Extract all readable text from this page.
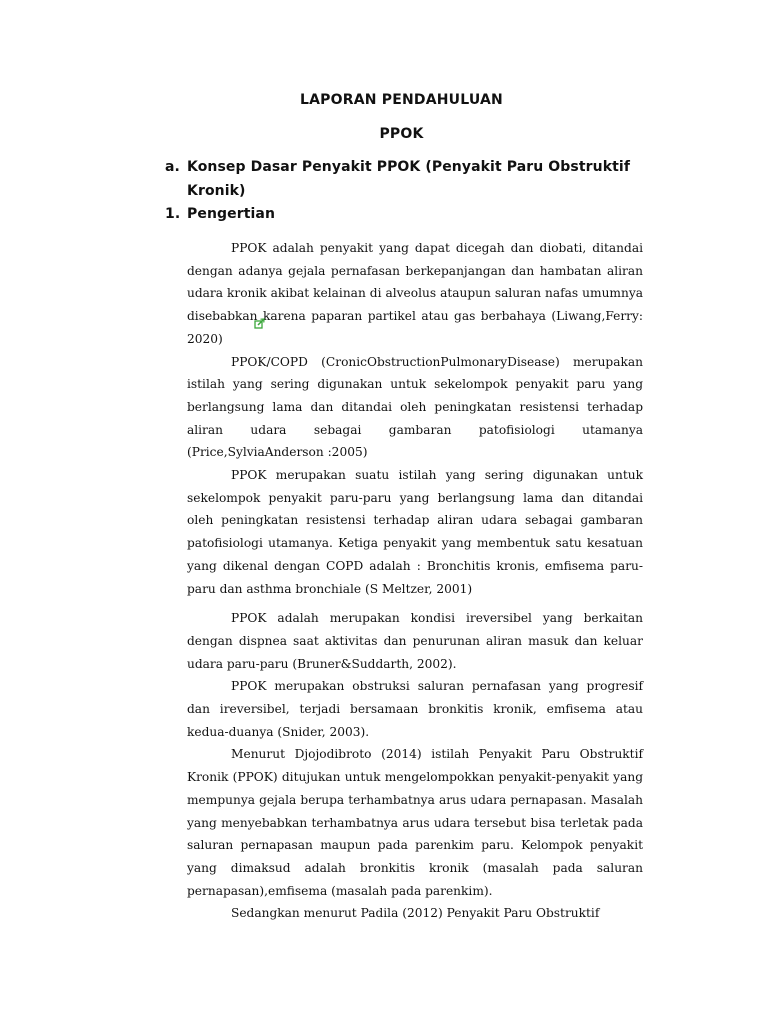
LAPORAN PENDAHULUAN
PPOK
a. Konsep Dasar Penyakit PPOK (Penyakit Paru Obstruktif
Kronik)
1. Pengertian

PPOK adalah penyakit yang dapat dicegah dan diobati, ditandai dengan adanya gejala pernafasan berkepanjangan dan hambatan aliran udara kronik akibat kelainan di alveolus ataupun saluran nafas umumnya disebabkan karena paparan partikel atau gas berbahaya (Liwang,Ferry: 2020)

PPOK/COPD (CronicObstructionPulmonaryDisease) merupakan istilah yang sering digunakan untuk sekelompok penyakit paru yang berlangsung lama dan ditandai oleh peningkatan resistensi terhadap aliran udara sebagai gambaran patofisiologi utamanya (Price,SylviaAnderson :2005)

PPOK merupakan suatu istilah yang sering digunakan untuk sekelompok penyakit paru-paru yang berlangsung lama dan ditandai oleh peningkatan resistensi terhadap aliran udara sebagai gambaran patofisiologi utamanya. Ketiga penyakit yang membentuk satu kesatuan yang dikenal dengan COPD adalah : Bronchitis kronis, emfisema paru-paru dan asthma bronchiale (S Meltzer, 2001)

PPOK adalah merupakan kondisi ireversibel yang berkaitan dengan dispnea saat aktivitas dan penurunan aliran masuk dan keluar udara paru-paru (Bruner&Suddarth, 2002).

PPOK merupakan obstruksi saluran pernafasan yang progresif dan ireversibel, terjadi bersamaan bronkitis kronik, emfisema atau kedua-duanya (Snider, 2003).

Menurut Djojodibroto (2014) istilah Penyakit Paru Obstruktif Kronik (PPOK) ditujukan untuk mengelompokkan penyakit-penyakit yang mempunya gejala berupa terhambatnya arus udara pernapasan. Masalah yang menyebabkan terhambatnya arus udara tersebut bisa terletak pada saluran pernapasan maupun pada parenkim paru. Kelompok penyakit yang dimaksud adalah bronkitis kronik (masalah pada saluran pernapasan),emfisema (masalah pada parenkim).

Sedangkan menurut Padila (2012) Penyakit Paru Obstruktif
